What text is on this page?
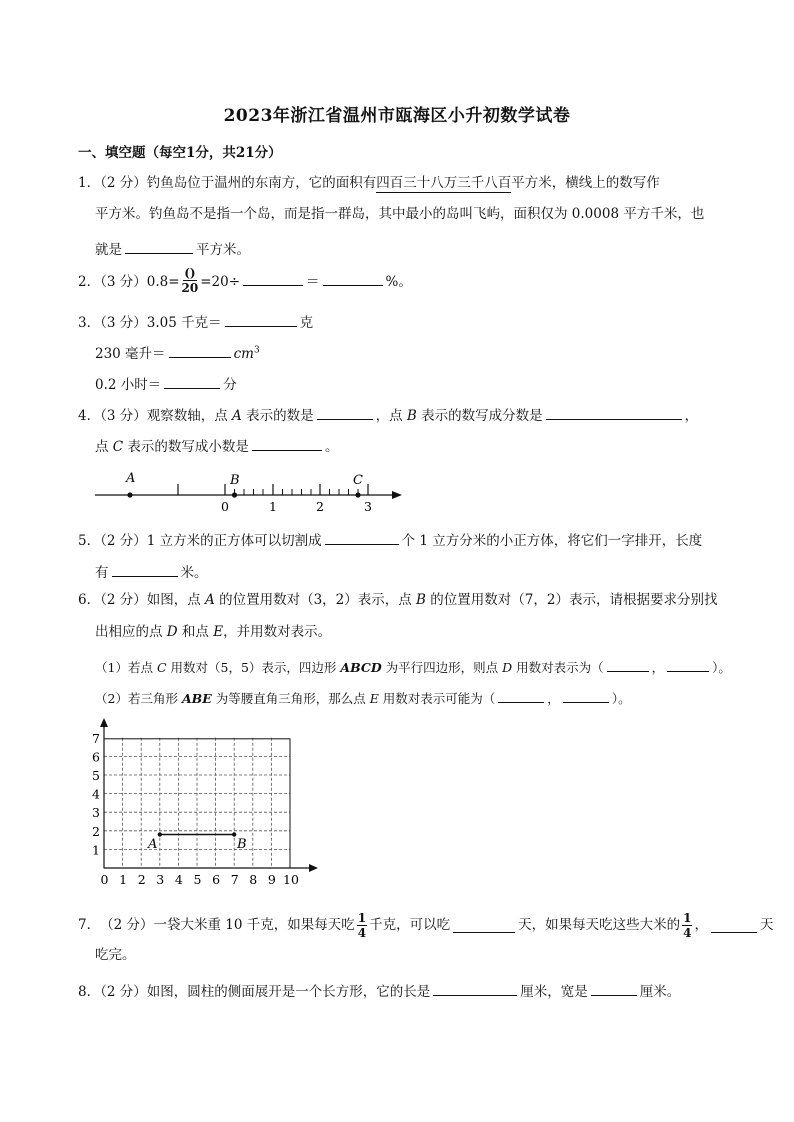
2023年浙江省温州市瓯海区小升初数学试卷
一、填空题（每空1分，共21分）
1．（2 分）钓鱼岛位于温州的东南方，它的面积有四百三十八万三千八百平方米，横线上的数写作
平方米。钓鱼岛不是指一个岛，而是指一群岛，其中最小的岛叫飞屿，面积仅为 0.0008 平方千米，也
就是	平方米。
2．（3 分）$0.8= \frac{()}{20} =20\div$	＝	%。
3．（3 分）3.05 千克＝	克
230 毫升＝	$cm^3$
0.2 小时＝	分
4．（3 分）观察数轴，点 A 表示的数是	，点 B 表示的数写成分数是	，
点 C 表示的数写成小数是	。
A	B	C
0	1	2	3
5．（2 分）1 立方米的正方体可以切割成	个 1 立方分米的小正方体，将它们一字排开，长度
有	米。
6．（2 分）如图，点 A 的位置用数对（3，2）表示，点 B 的位置用数对（7，2）表示，请根据要求分别找
出相应的点 D 和点 E，并用数对表示。
（1）若点 C 用数对（5，5）表示，四边形 ABCD 为平行四边形，则点 D 用数对表示为（	，	）。
（2）若三角形 ABE 为等腰直角三角形，那么点 E 用数对表示可能为（	，	）。
0 1 2 3 4 5 6 7 8 9 10
1
2
3
4
5
6
7
A	B
7． （2 分） 一袋大米重 10 千克，如果每天吃 $\frac{1}{4}$ 千克，可以吃	天，如果每天吃这些大米的 $\frac{1}{4}$ ，	天
吃完。
8．（2 分）如图，圆柱的侧面展开是一个长方形，它的长是	厘米，宽是	厘米。
